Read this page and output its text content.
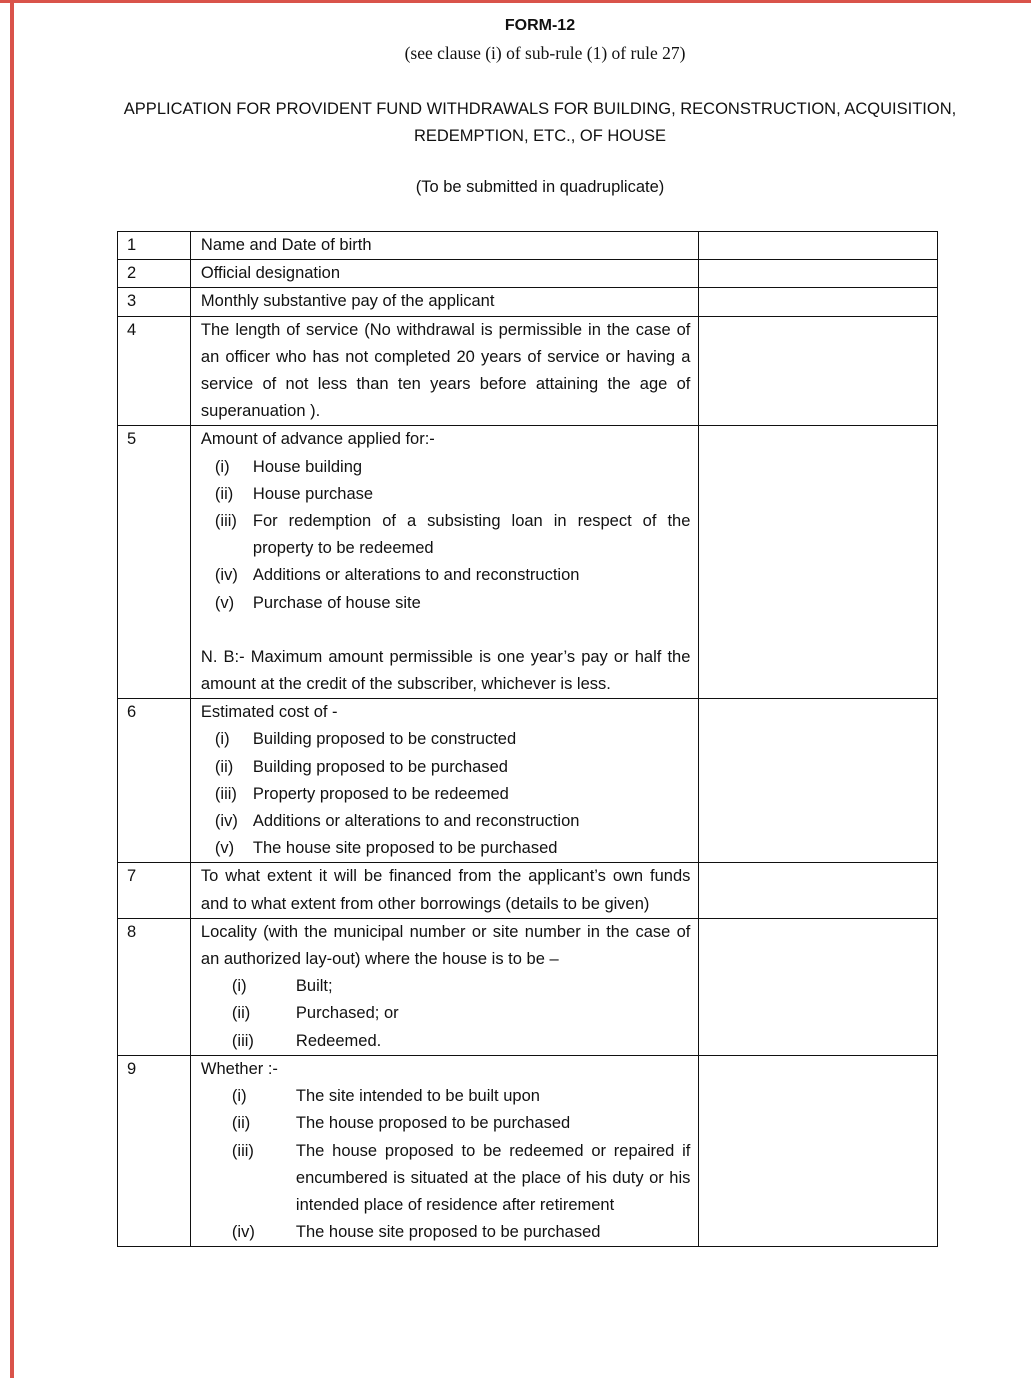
FORM-12
(see clause (i) of sub-rule (1) of rule 27)
APPLICATION FOR PROVIDENT FUND WITHDRAWALS FOR BUILDING, RECONSTRUCTION, ACQUISITION, REDEMPTION, ETC., OF HOUSE
(To be submitted in quadruplicate)
1	Name and Date of birth	
2	Official designation	
3	Monthly substantive pay of the applicant	
4	The length of service (No withdrawal is permissible in the case of an officer who has not completed 20 years of service or having a service of not less than ten years before attaining the age of superanuation ).	
5	Amount of advance applied for:-
(i)	House building
(ii)	House purchase
(iii) For redemption of a subsisting loan in respect of the property to be redeemed
(iv) Additions or alterations to and reconstruction
(v)	Purchase of house site
N. B:- Maximum amount permissible is one year’s pay or half the amount at the credit of the subscriber, whichever is less.

6	Estimated cost of -
(i)	Building proposed to be constructed
(ii)	Building proposed to be purchased
(iii) Property proposed to be redeemed
(iv) Additions or alterations to and reconstruction
(v)	The house site proposed to be purchased

7	To what extent it will be financed from the applicant’s own funds and to what extent from other borrowings (details to be given)	
8	Locality (with the municipal number or site number in the case of an authorized lay-out) where the house is to be –
(i)	Built;
(ii)	Purchased; or
(iii)	Redeemed.

9	Whether :-
(i)	The site intended to be built upon
(ii)	The house proposed to be purchased
(iii)	The house proposed to be redeemed or repaired if encumbered is situated at the place of his duty or his intended place of residence after retirement
(iv)	The house site proposed to be purchased
